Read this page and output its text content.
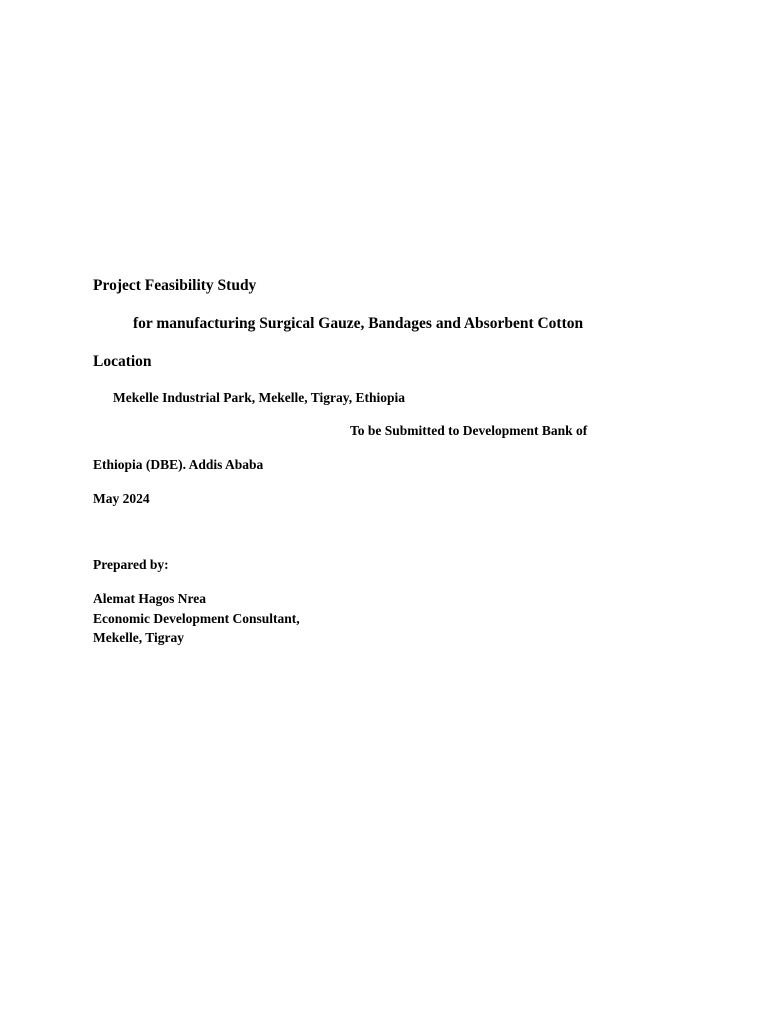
Project Feasibility Study

for manufacturing Surgical Gauze, Bandages and Absorbent Cotton

Location

Mekelle Industrial Park, Mekelle, Tigray, Ethiopia

To be Submitted to Development Bank of

Ethiopia (DBE). Addis Ababa

May 2024

Prepared by:

Alemat Hagos Nrea

Economic Development Consultant,

Mekelle, Tigray
